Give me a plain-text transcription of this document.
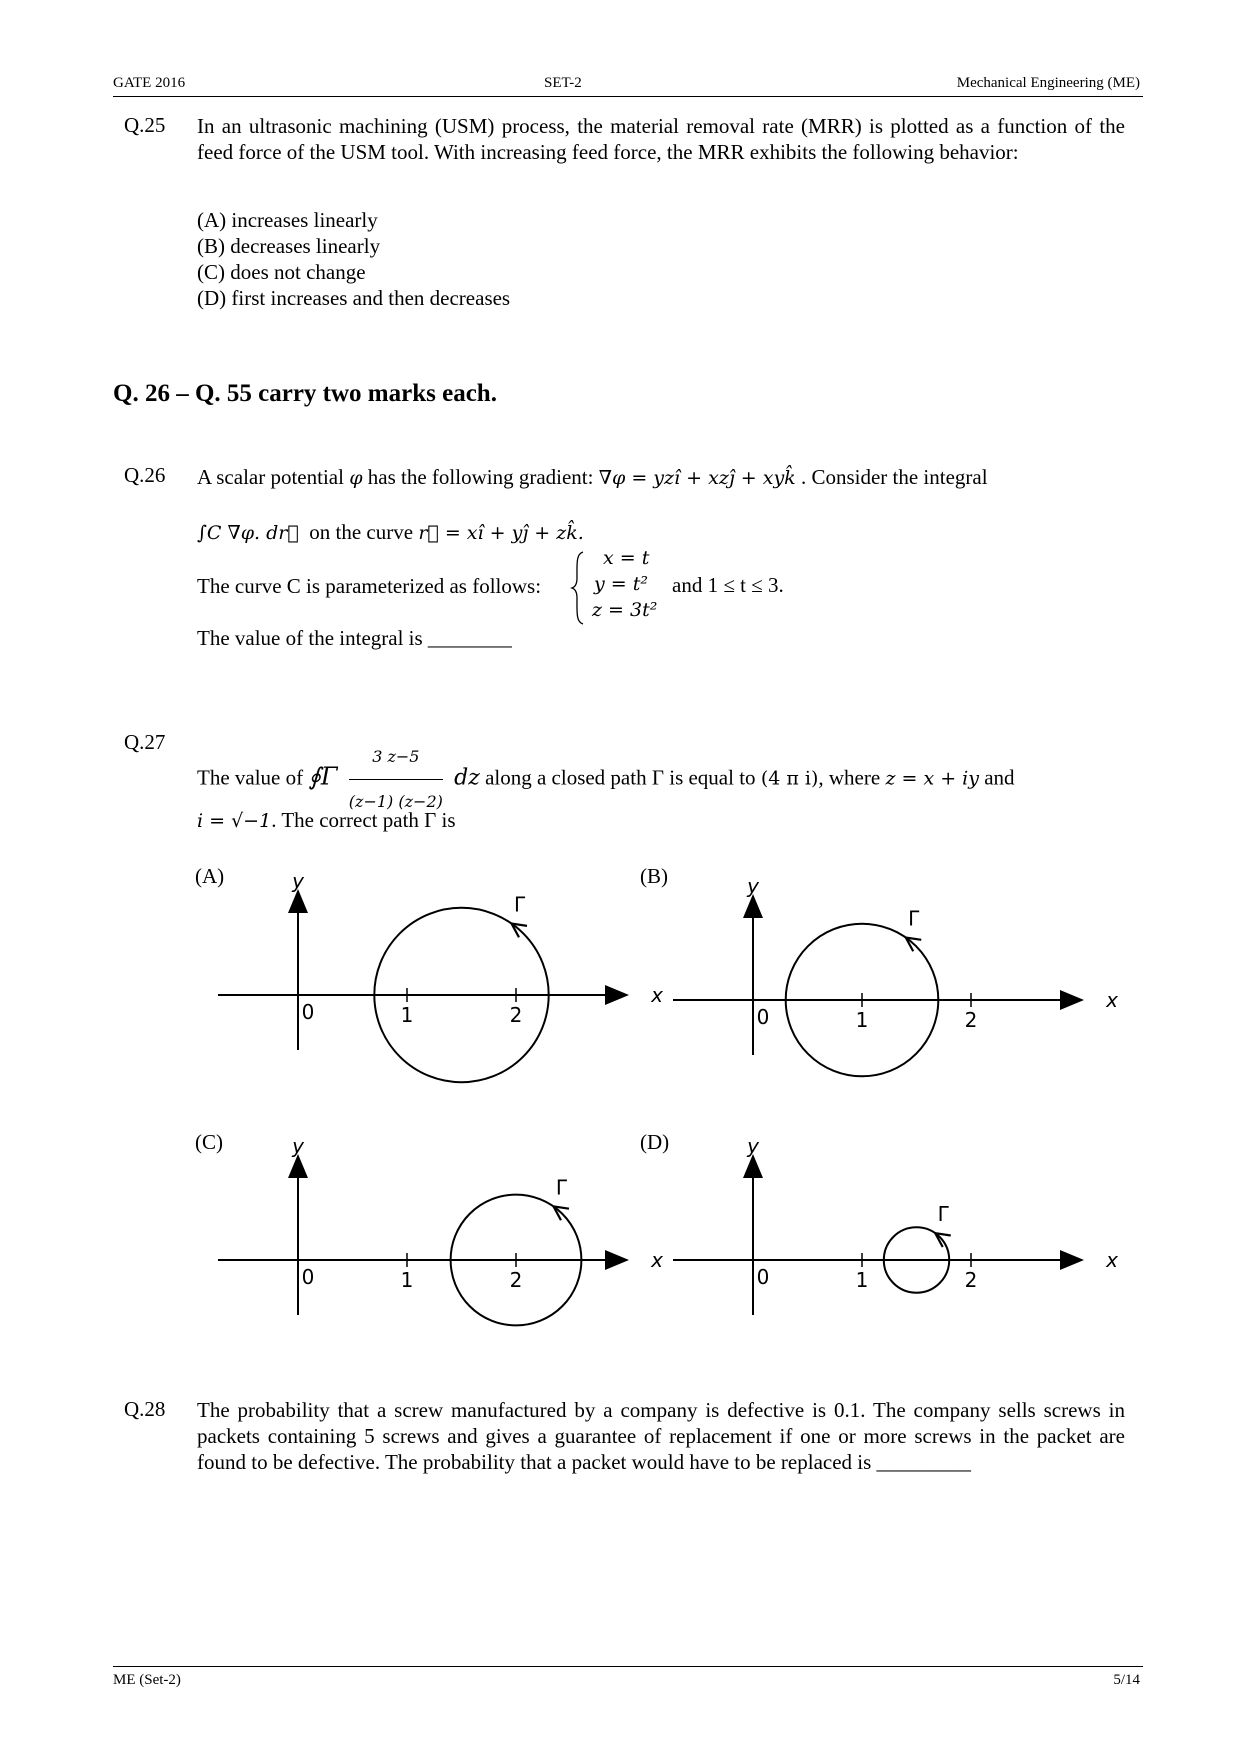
GATE 2016	SET-2	Mechanical Engineering (ME)
Q.25 In an ultrasonic machining (USM) process, the material removal rate (MRR) is plotted as a function of the feed force of the USM tool. With increasing feed force, the MRR exhibits the following behavior:
(A) increases linearly
(B) decreases linearly
(C) does not change
(D) first increases and then decreases
Q. 26 – Q. 55 carry two marks each.
Q.26 A scalar potential φ has the following gradient: ∇φ = yzî + xzĵ + xyk̂ . Consider the integral
∫C ∇φ. dr⃗ on the curve r⃗ = xî + yĵ + zk̂.
The curve C is parameterized as follows:
x = t
y = t²
z = 3t²
and 1 ≤ t ≤ 3.
The value of the integral is ________
Q.27
The value of ∮Γ $\frac{3 z-5}{(z-1) (z-2)}$ dz along a closed path Γ is equal to (4 π i), where z = x + iy and
i = √−1. The correct path Γ is
(A)	(B)
(C)	(D)
0	1	2
x
y
Γ
0	1	2
x
y
Γ
0	1	2
x
y
Γ
0	1	2
x
y
Γ
Q.28 The probability that a screw manufactured by a company is defective is 0.1. The company sells screws in packets containing 5 screws and gives a guarantee of replacement if one or more screws in the packet are found to be defective. The probability that a packet would have to be replaced is _________
ME (Set-2)	5/14
